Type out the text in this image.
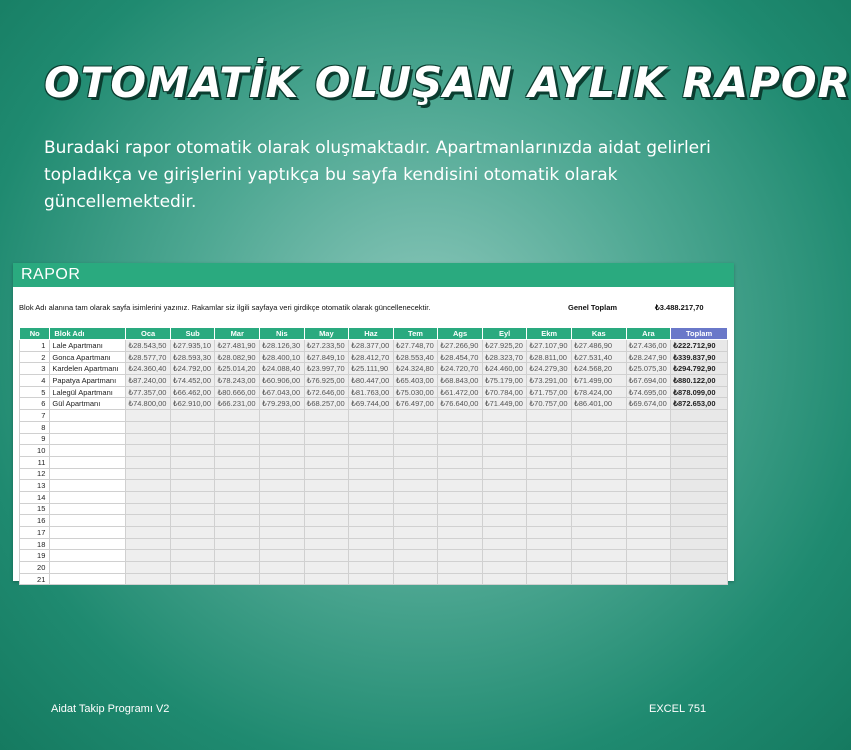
OTOMATİK OLUŞAN AYLIK RAPOR
Buradaki rapor otomatik olarak oluşmaktadır. Apartmanlarınızda aidat gelirleri topladıkça ve girişlerini yaptıkça bu sayfa kendisini otomatik olarak güncellemektedir.
RAPOR
Blok Adı alanına tam olarak sayfa isimlerini yazınız. Rakamlar siz ilgili sayfaya veri girdikçe otomatik olarak güncellenecektir.	Genel Toplam	₺3.488.217,70
No	Blok Adı	Oca	Sub	Mar	Nis	May	Haz	Tem	Ags	Eyl	Ekm	Kas	Ara	Toplam
1	Lale Apartmanı	₺28.543,50	₺27.935,10	₺27.481,90	₺28.126,30	₺27.233,50	₺28.377,00	₺27.748,70	₺27.266,90	₺27.925,20	₺27.107,90	₺27.486,90	₺27.436,00	₺222.712,90
2	Gonca Apartmanı	₺28.577,70	₺28.593,30	₺28.082,90	₺28.400,10	₺27.849,10	₺28.412,70	₺28.553,40	₺28.454,70	₺28.323,70	₺28.811,00	₺27.531,40	₺28.247,90	₺339.837,90
3	Kardelen Apartmanı	₺24.360,40	₺24.792,00	₺25.014,20	₺24.088,40	₺23.997,70	₺25.111,90	₺24.324,80	₺24.720,70	₺24.460,00	₺24.279,30	₺24.568,20	₺25.075,30	₺294.792,90
4	Papatya Apartmanı	₺87.240,00	₺74.452,00	₺78.243,00	₺60.906,00	₺76.925,00	₺80.447,00	₺65.403,00	₺68.843,00	₺75.179,00	₺73.291,00	₺71.499,00	₺67.694,00	₺880.122,00
5	Lalegül Apartmanı	₺77.357,00	₺66.462,00	₺80.666,00	₺67.043,00	₺72.646,00	₺81.763,00	₺75.030,00	₺61.472,00	₺70.784,00	₺71.757,00	₺78.424,00	₺74.695,00	₺878.099,00
6	Gül Apartmanı	₺74.800,00	₺62.910,00	₺66.231,00	₺79.293,00	₺68.257,00	₺69.744,00	₺76.497,00	₺76.640,00	₺71.449,00	₺70.757,00	₺86.401,00	₺69.674,00	₺872.653,00
7														
8														
9														
10														
11														
12														
13														
14														
15														
16														
17														
18														
19														
20														
21														
Aidat Takip Programı V2	EXCEL 751
